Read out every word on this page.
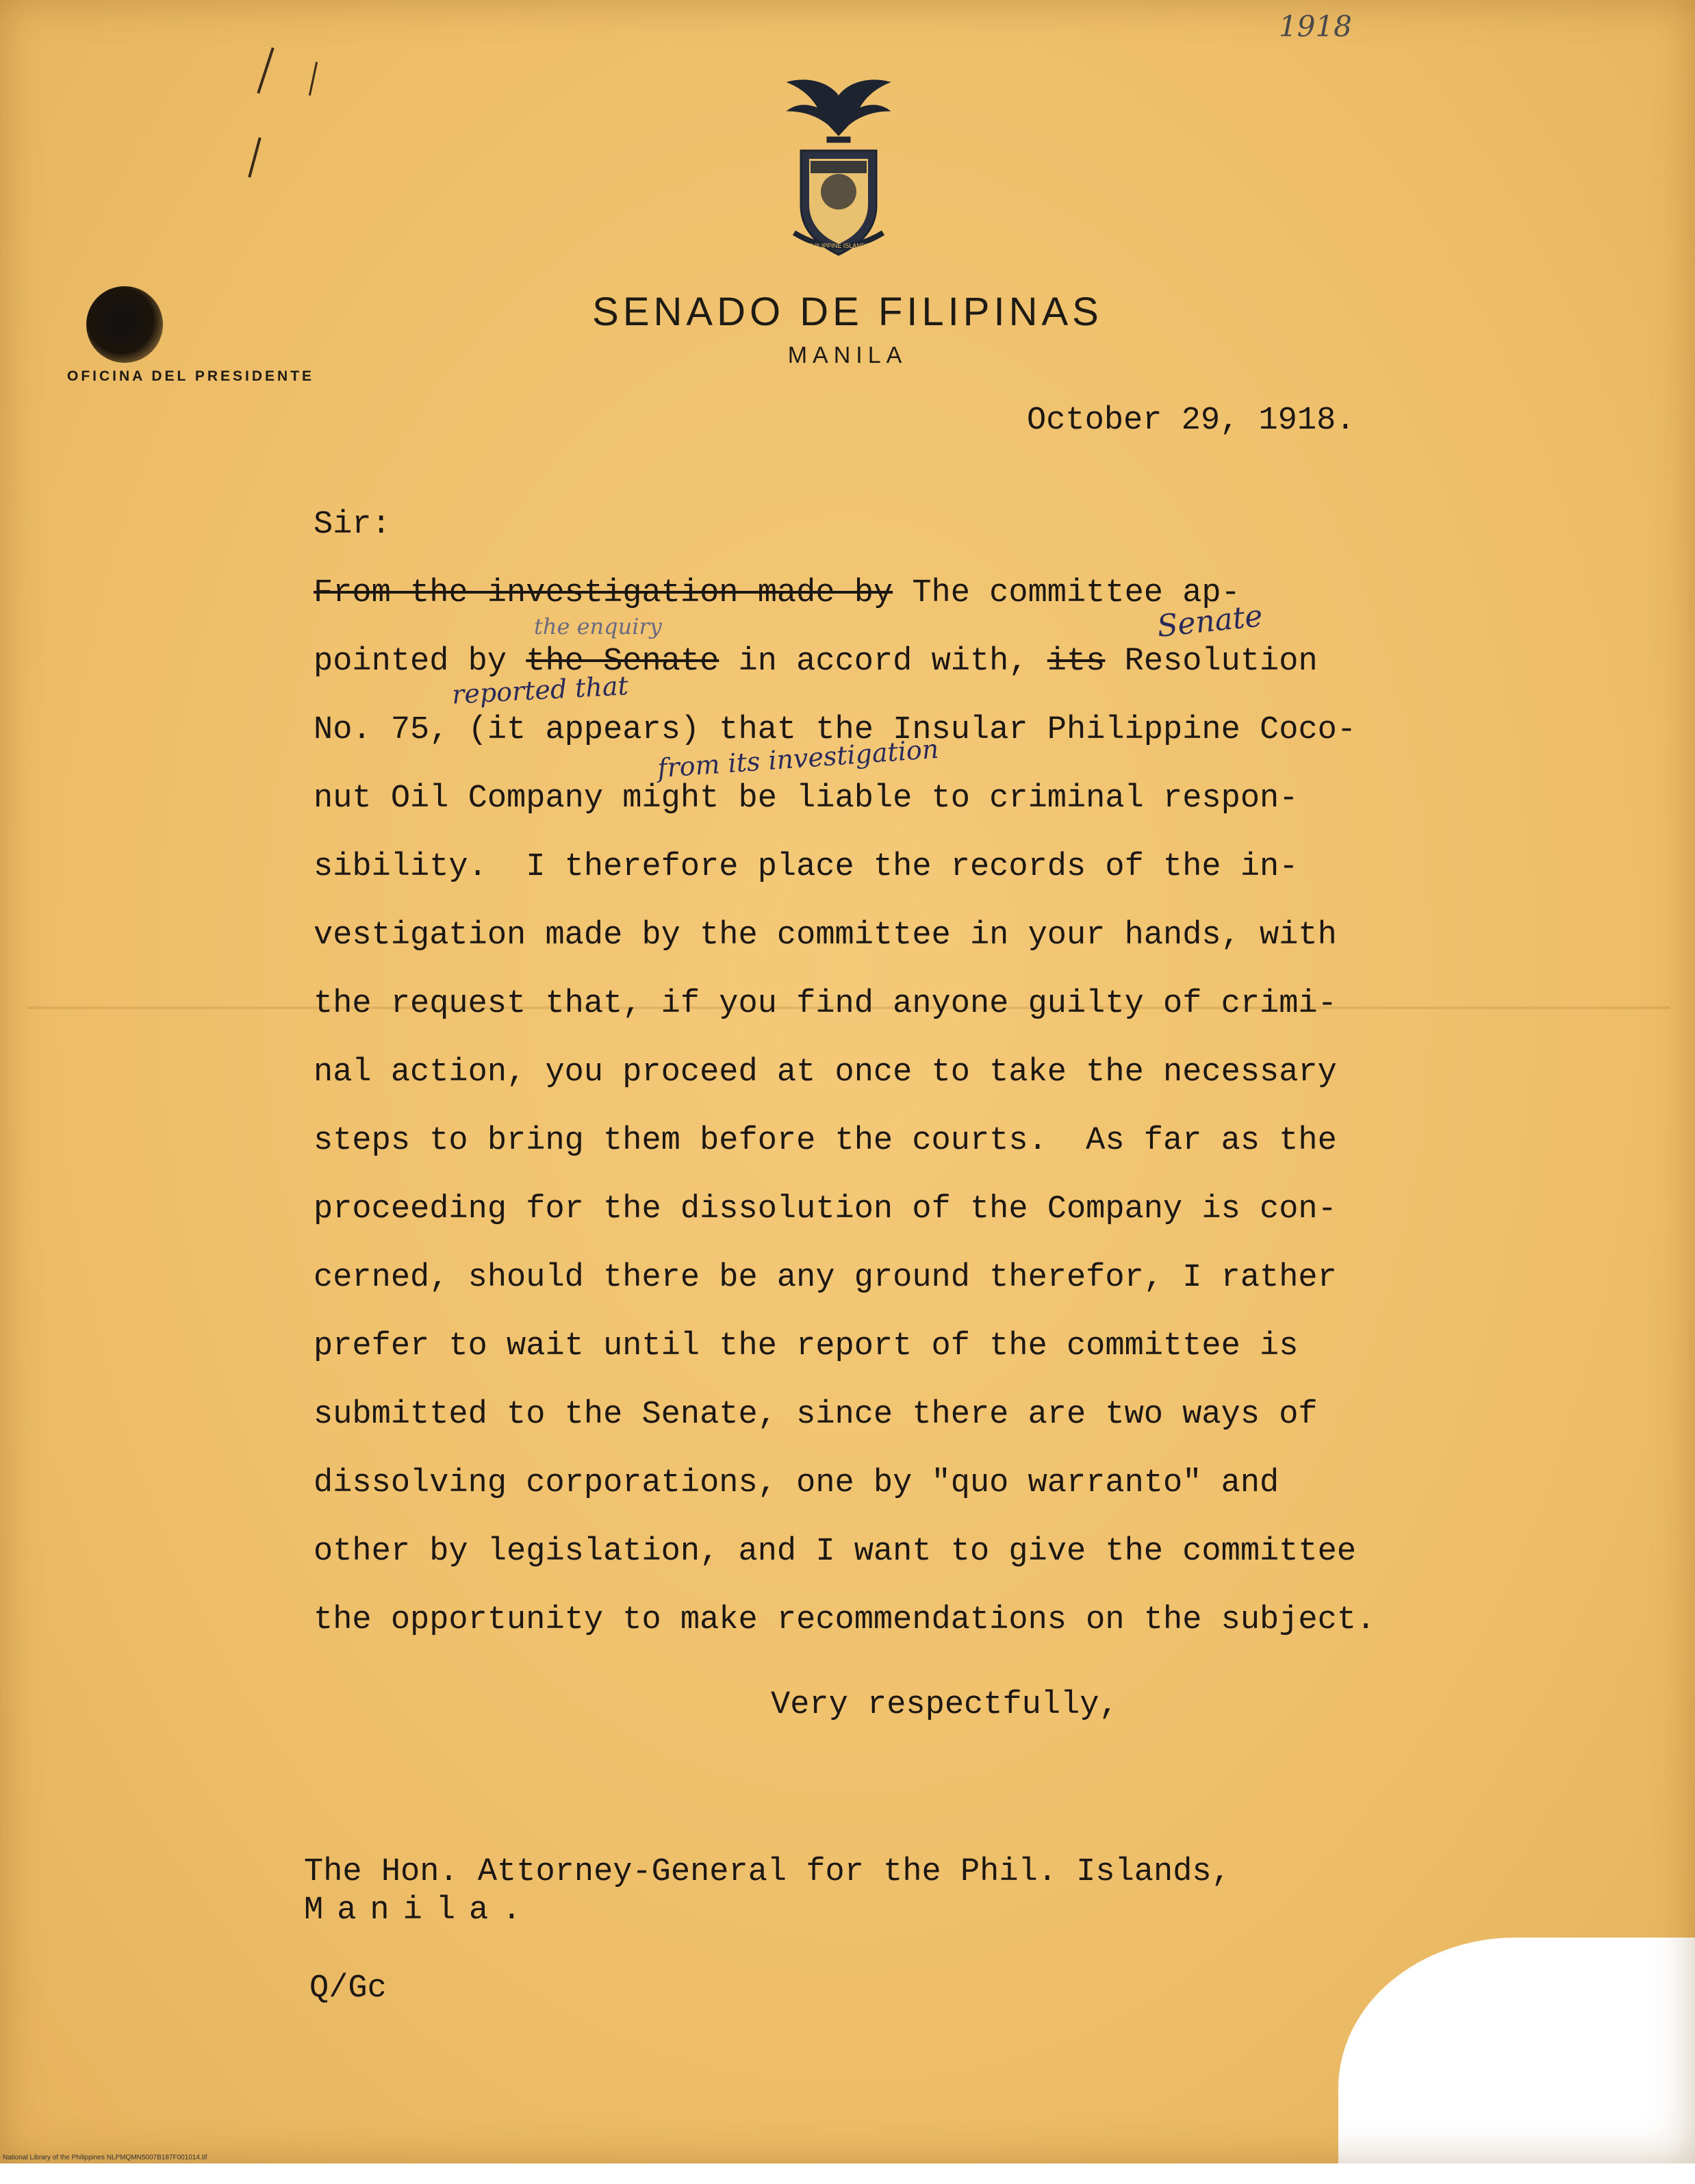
1918
PHILIPPINE ISLANDS
SENADO DE FILIPINAS
MANILA
OFICINA DEL PRESIDENTE
October 29, 1918.
Sir:
From the investigation made by The committee ap-
pointed by the Senate in accord with, its Resolution
No. 75, (it appears) that the Insular Philippine Coco-
nut Oil Company might be liable to criminal respon-
sibility.  I therefore place the records of the in-
vestigation made by the committee in your hands, with
the request that, if you find anyone guilty of crimi-
nal action, you proceed at once to take the necessary
steps to bring them before the courts.  As far as the
proceeding for the dissolution of the Company is con-
cerned, should there be any ground therefor, I rather
prefer to wait until the report of the committee is
submitted to the Senate, since there are two ways of
dissolving corporations, one by "quo warranto" and
other by legislation, and I want to give the committee
the opportunity to make recommendations on the subject.
Senate
the enquiry
reported that
from its investigation
Very respectfully,
The Hon. Attorney-General for the Phil. Islands,
Manila.
Q/Gc
National Library of the Philippines NLPMQMN5007B187F001014.tif
